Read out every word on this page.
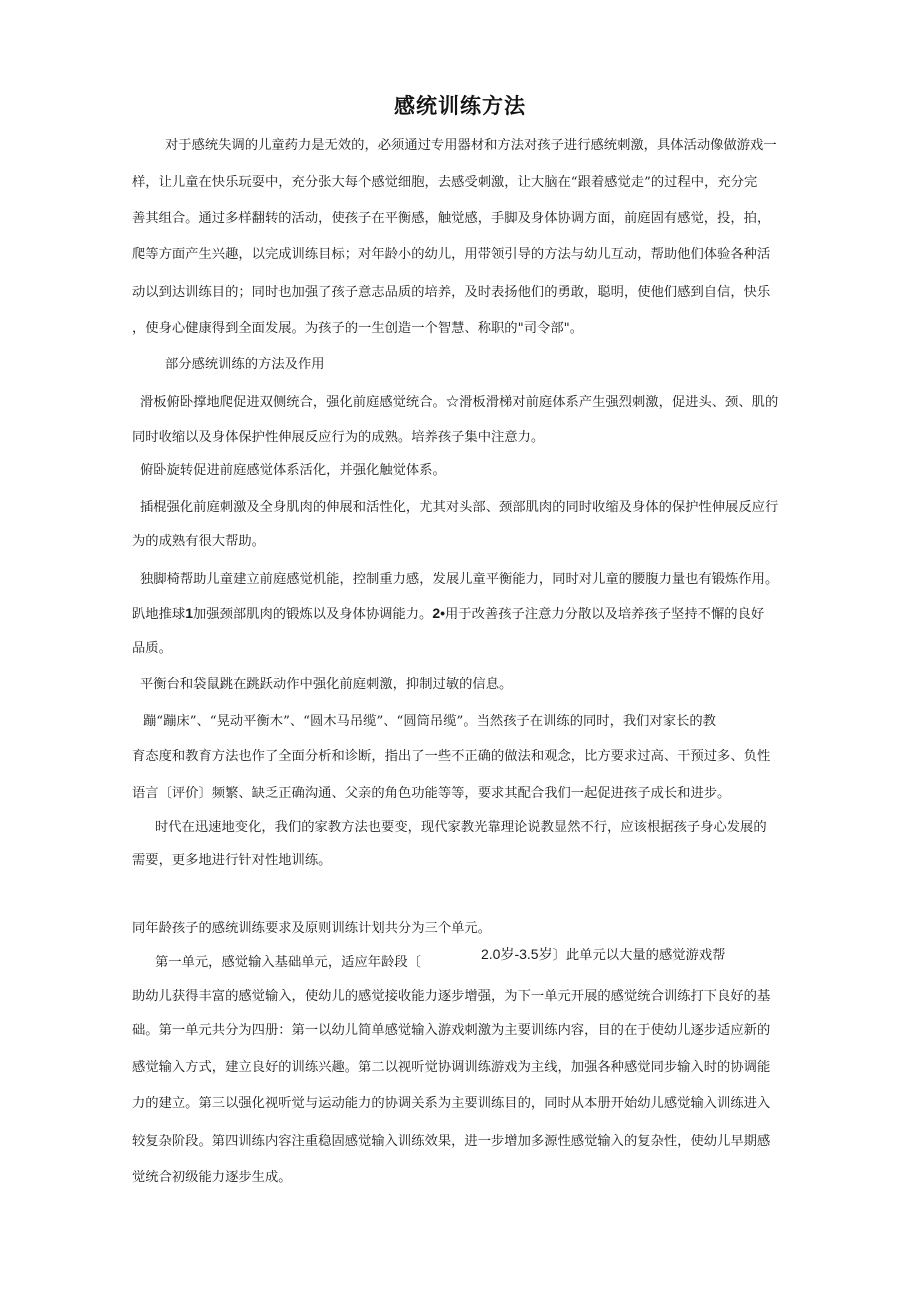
感统训练方法

对于感统失调的儿童药力是无效的，必须通过专用器材和方法对孩子进行感统刺激，具体活动像做游戏一

样，让儿童在快乐玩耍中，充分张大每个感觉细胞，去感受刺激，让大脑在“跟着感觉走”的过程中，充分完

善其组合。通过多样翻转的活动，使孩子在平衡感，触觉感，手脚及身体协调方面，前庭固有感觉，投，拍，

爬等方面产生兴趣，以完成训练目标；对年龄小的幼儿，用带领引导的方法与幼儿互动，帮助他们体验各种活

动以到达训练目的；同时也加强了孩子意志品质的培养，及时表扬他们的勇敢，聪明，使他们感到自信，快乐

，使身心健康得到全面发展。为孩子的一生创造一个智慧、称职的"司令部"。

部分感统训练的方法及作用

滑板俯卧撑地爬促进双侧统合，强化前庭感觉统合。☆滑板滑梯对前庭体系产生强烈刺激，促进头、颈、肌的

同时收缩以及身体保护性伸展反应行为的成熟。培养孩子集中注意力。

俯卧旋转促进前庭感觉体系活化，并强化触觉体系。

插棍强化前庭刺激及全身肌肉的伸展和活性化，尤其对头部、颈部肌肉的同时收缩及身体的保护性伸展反应行

为的成熟有很大帮助。

独脚椅帮助儿童建立前庭感觉机能，控制重力感，发展儿童平衡能力，同时对儿童的腰腹力量也有锻炼作用。

趴地推球1加强颈部肌肉的锻炼以及身体协调能力。2•用于改善孩子注意力分散以及培养孩子坚持不懈的良好

品质。

平衡台和袋鼠跳在跳跃动作中强化前庭刺激，抑制过敏的信息。

蹦“蹦床”、“晃动平衡木”、“圆木马吊缆”、“圆筒吊缆”。当然孩子在训练的同时，我们对家长的教

育态度和教育方法也作了全面分析和诊断，指出了一些不正确的做法和观念，比方要求过高、干预过多、负性

语言〔评价〕频繁、缺乏正确沟通、父亲的角色功能等等，要求其配合我们一起促进孩子成长和进步。

时代在迅速地变化，我们的家教方法也要变，现代家教光靠理论说教显然不行，应该根据孩子身心发展的

需要，更多地进行针对性地训练。

同年龄孩子的感统训练要求及原则训练计划共分为三个单元。

第一单元，感觉输入基础单元，适应年龄段〔

2.0岁-3.5岁〕此单元以大量的感觉游戏帮

助幼儿获得丰富的感觉输入，使幼儿的感觉接收能力逐步增强，为下一单元开展的感觉统合训练打下良好的基

础。第一单元共分为四册：第一以幼儿简单感觉输入游戏刺激为主要训练内容，目的在于使幼儿逐步适应新的

感觉输入方式，建立良好的训练兴趣。第二以视听觉协调训练游戏为主线，加强各种感觉同步输入时的协调能

力的建立。第三以强化视听觉与运动能力的协调关系为主要训练目的，同时从本册开始幼儿感觉输入训练进入

较复杂阶段。第四训练内容注重稳固感觉输入训练效果，进一步增加多源性感觉输入的复杂性，使幼儿早期感

觉统合初级能力逐步生成。
